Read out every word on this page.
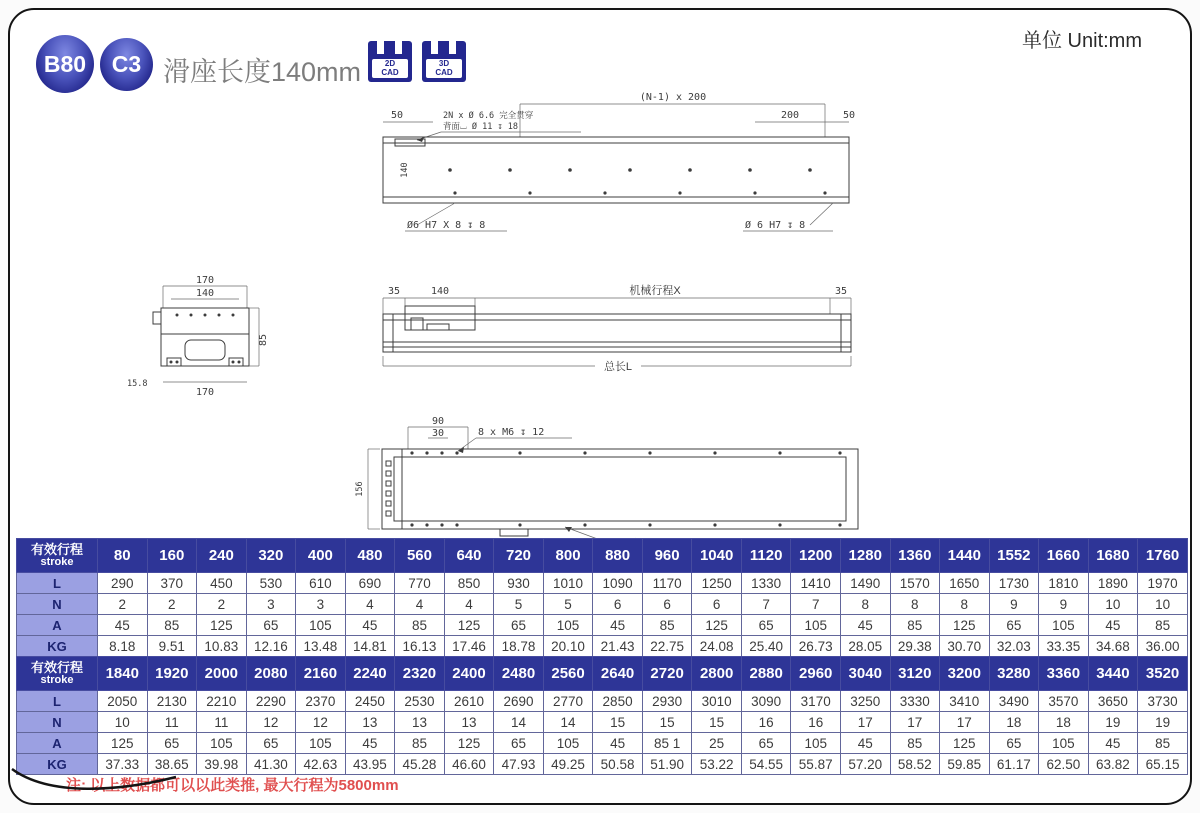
B80 C3 滑座长度140mm	2D
CAD
3D
CAD
单位 Unit:mm
(N-1) x 200
50	200	50
2N x Ø 6.6 完全贯穿
背面⌴ Ø 11 ↧ 18
140
Ø6 H7 X 8 ↧ 8	Ø 6 H7 ↧ 8
170
140
85
15.8
170
35	140	机械行程X	35
总长L
90
30	8 x M6 ↧ 12
156
有效行程
stroke	80	160	240	320	400	480	560	640	720	800	880	960	1040	1120	1200	1280	1360	1440	1552	1660	1680	1760
L	290	370	450	530	610	690	770	850	930	1010	1090	1170	1250	1330	1410	1490	1570	1650	1730	1810	1890	1970
N	2	2	2	3	3	4	4	4	5	5	6	6	6	7	7	8	8	8	9	9	10	10
A	45	85	125	65	105	45	85	125	65	105	45	85	125	65	105	45	85	125	65	105	45	85
KG	8.18	9.51	10.83	12.16	13.48	14.81	16.13	17.46	18.78	20.10	21.43	22.75	24.08	25.40	26.73	28.05	29.38	30.70	32.03	33.35	34.68	36.00
有效行程
stroke	1840	1920	2000	2080	2160	2240	2320	2400	2480	2560	2640	2720	2800	2880	2960	3040	3120	3200	3280	3360	3440	3520
L	2050	2130	2210	2290	2370	2450	2530	2610	2690	2770	2850	2930	3010	3090	3170	3250	3330	3410	3490	3570	3650	3730
N	10	11	11	12	12	13	13	13	14	14	15	15	15	16	16	17	17	17	18	18	19	19
A	125	65	105	65	105	45	85	125	65	105	45	85 1	25	65	105	45	85	125	65	105	45	85
KG	37.33	38.65	39.98	41.30	42.63	43.95	45.28	46.60	47.93	49.25	50.58	51.90	53.22	54.55	55.87	57.20	58.52	59.85	61.17	62.50	63.82	65.15
注: 以上数据都可以以此类推, 最大行程为5800mm
